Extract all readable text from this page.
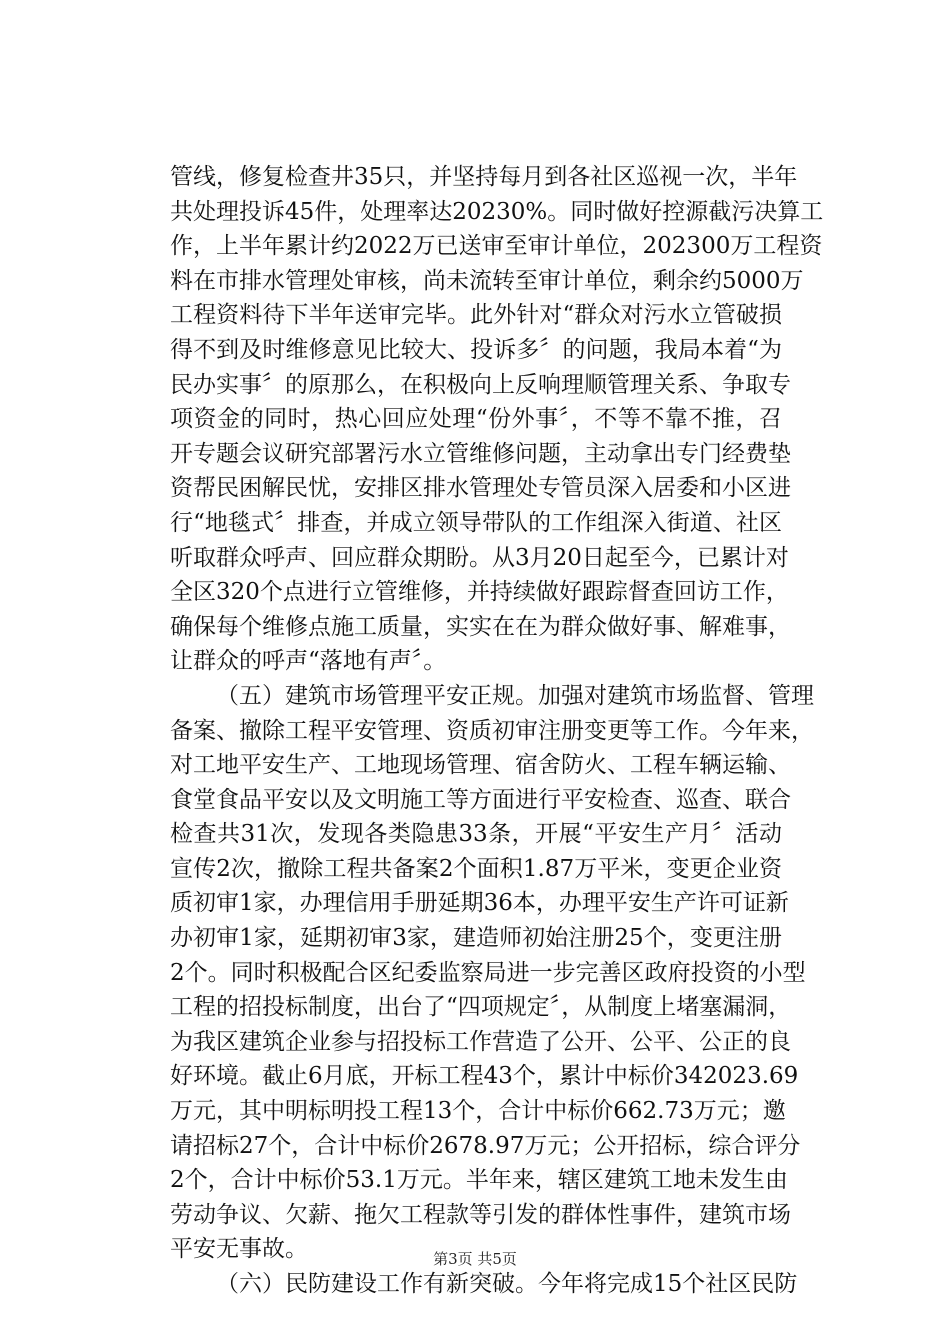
管线，修复检查井35只，并坚持每月到各社区巡视一次，半年
共处理投诉45件，处理率达20230%。同时做好控源截污决算工
作，上半年累计约2022万已送审至审计单位，202300万工程资
料在市排水管理处审核，尚未流转至审计单位，剩余约5000万
工程资料待下半年送审完毕。此外针对“群众对污水立管破损
得不到及时维修意见比较大、投诉多〞的问题，我局本着“为
民办实事〞的原那么，在积极向上反响理顺管理关系、争取专
项资金的同时，热心回应处理“份外事〞，不等不靠不推，召
开专题会议研究部署污水立管维修问题，主动拿出专门经费垫
资帮民困解民忧，安排区排水管理处专管员深入居委和小区进
行“地毯式〞排查，并成立领导带队的工作组深入街道、社区
听取群众呼声、回应群众期盼。从3月20日起至今，已累计对
全区320个点进行立管维修，并持续做好跟踪督查回访工作，
确保每个维修点施工质量，实实在在为群众做好事、解难事，
让群众的呼声“落地有声〞。
（五）建筑市场管理平安正规。加强对建筑市场监督、管理
备案、撤除工程平安管理、资质初审注册变更等工作。今年来，
对工地平安生产、工地现场管理、宿舍防火、工程车辆运输、
食堂食品平安以及文明施工等方面进行平安检查、巡查、联合
检查共31次，发现各类隐患33条，开展“平安生产月〞活动
宣传2次，撤除工程共备案2个面积1.87万平米，变更企业资
质初审1家，办理信用手册延期36本，办理平安生产许可证新
办初审1家，延期初审3家，建造师初始注册25个，变更注册
2个。同时积极配合区纪委监察局进一步完善区政府投资的小型
工程的招投标制度，出台了“四项规定〞，从制度上堵塞漏洞，
为我区建筑企业参与招投标工作营造了公开、公平、公正的良
好环境。截止6月底，开标工程43个，累计中标价342023.69
万元，其中明标明投工程13个，合计中标价662.73万元；邀
请招标27个，合计中标价2678.97万元；公开招标，综合评分
2个，合计中标价53.1万元。半年来，辖区建筑工地未发生由
劳动争议、欠薪、拖欠工程款等引发的群体性事件，建筑市场
平安无事故。
（六）民防建设工作有新突破。今年将完成15个社区民防
第3页 共5页
